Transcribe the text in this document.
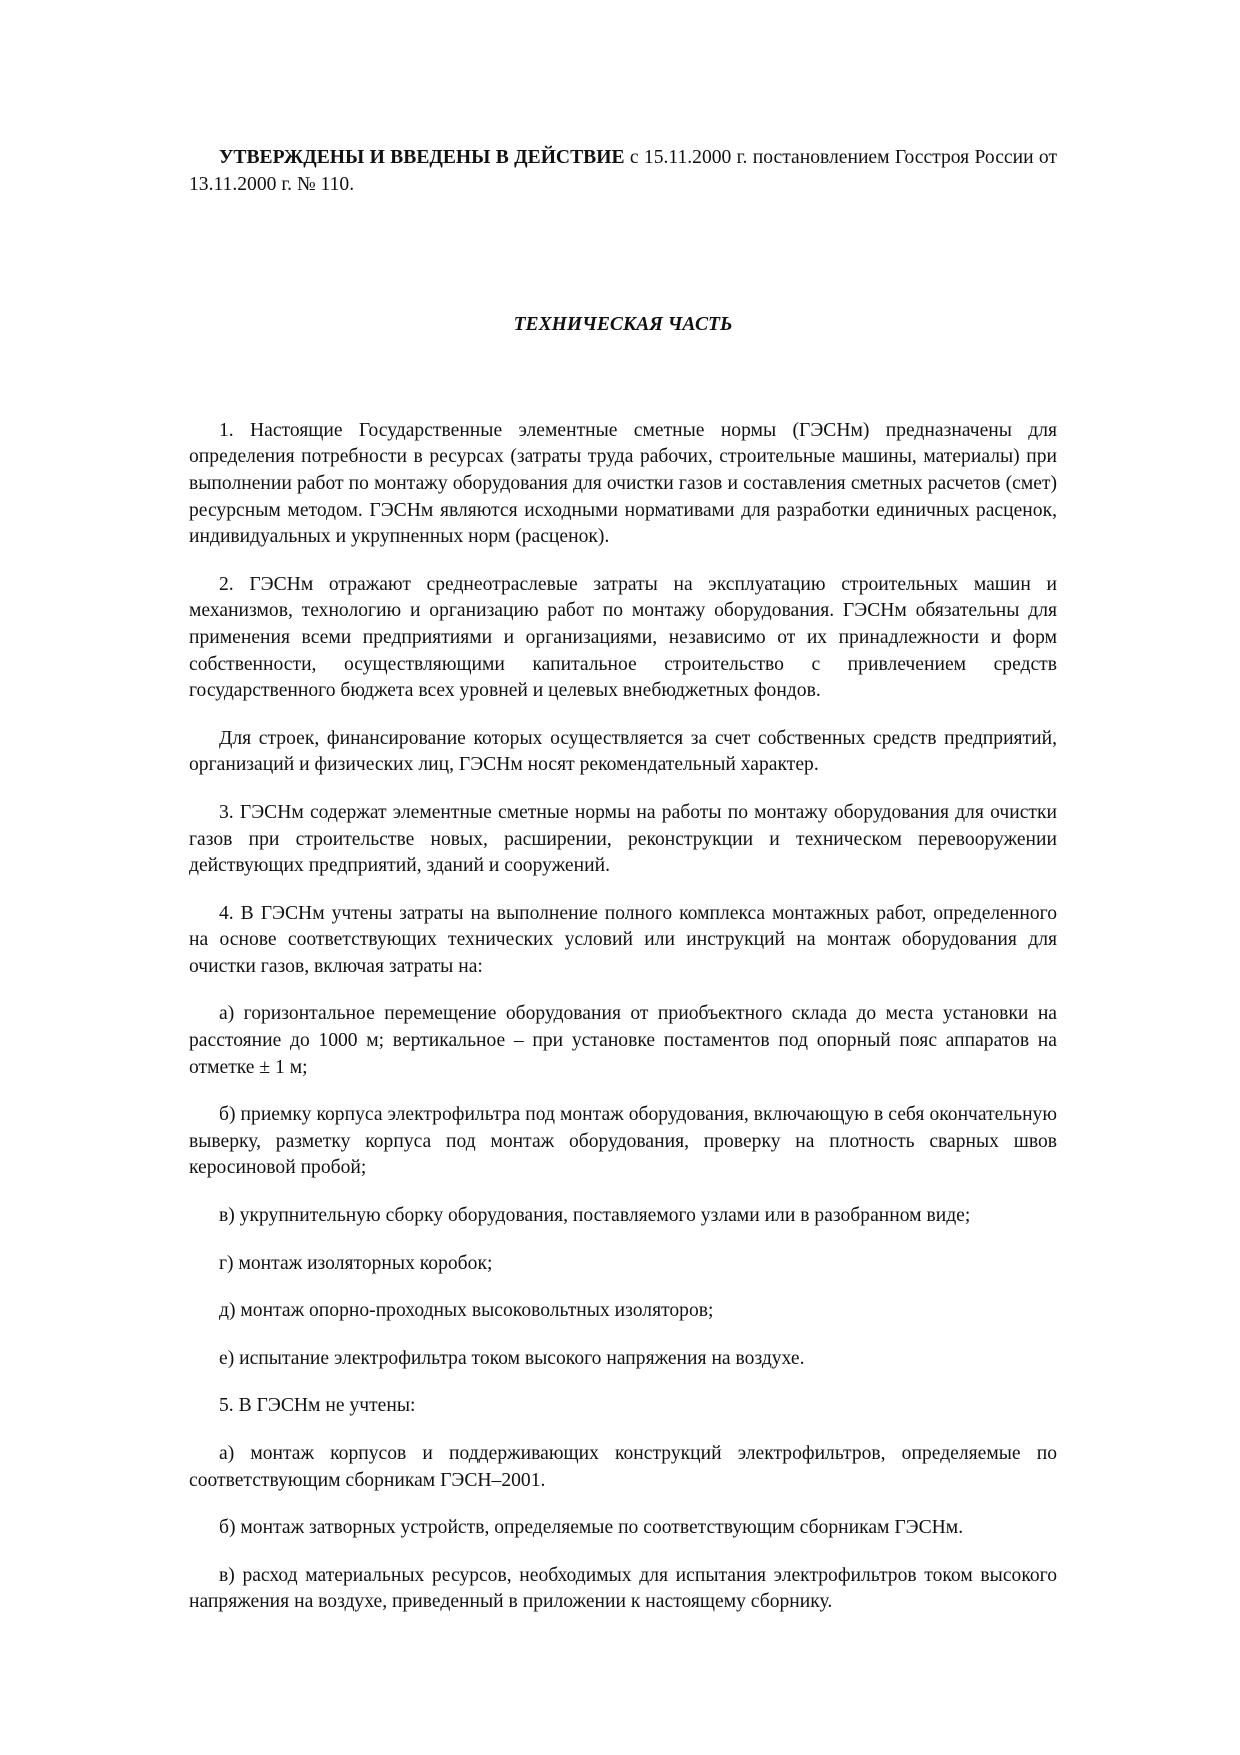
УТВЕРЖДЕНЫ И ВВЕДЕНЫ В ДЕЙСТВИЕ с 15.11.2000 г. постановлением Госстроя России от 13.11.2000 г. № 110.

ТЕХНИЧЕСКАЯ ЧАСТЬ

1. Настоящие Государственные элементные сметные нормы (ГЭСНм) предназначены для определения потребности в ресурсах (затраты труда рабочих, строительные машины, материалы) при выполнении работ по монтажу оборудования для очистки газов и составления сметных расчетов (смет) ресурсным методом. ГЭСНм являются исходными нормативами для разработки единичных расценок, индивидуальных и укрупненных норм (расценок).

2. ГЭСНм отражают среднеотраслевые затраты на эксплуатацию строительных машин и механизмов, технологию и организацию работ по монтажу оборудования. ГЭСНм обязательны для применения всеми предприятиями и организациями, независимо от их принадлежности и форм собственности, осуществляющими капитальное строительство с привлечением средств государственного бюджета всех уровней и целевых внебюджетных фондов.

Для строек, финансирование которых осуществляется за счет собственных средств предприятий, организаций и физических лиц, ГЭСНм носят рекомендательный характер.

3. ГЭСНм содержат элементные сметные нормы на работы по монтажу оборудования для очистки газов при строительстве новых, расширении, реконструкции и техническом перевооружении действующих предприятий, зданий и сооружений.

4. В ГЭСНм учтены затраты на выполнение полного комплекса монтажных работ, определенного на основе соответствующих технических условий или инструкций на монтаж оборудования для очистки газов, включая затраты на:

а) горизонтальное перемещение оборудования от приобъектного склада до места установки на расстояние до 1000 м; вертикальное – при установке постаментов под опорный пояс аппаратов на отметке ± 1 м;

б) приемку корпуса электрофильтра под монтаж оборудования, включающую в себя окончательную выверку, разметку корпуса под монтаж оборудования, проверку на плотность сварных швов керосиновой пробой;

в) укрупнительную сборку оборудования, поставляемого узлами или в разобранном виде;

г) монтаж изоляторных коробок;

д) монтаж опорно-проходных высоковольтных изоляторов;

е) испытание электрофильтра током высокого напряжения на воздухе.

5. В ГЭСНм не учтены:

а) монтаж корпусов и поддерживающих конструкций электрофильтров, определяемые по соответствующим сборникам ГЭСН–2001.

б) монтаж затворных устройств, определяемые по соответствующим сборникам ГЭСНм.

в) расход материальных ресурсов, необходимых для испытания электрофильтров током высокого напряжения на воздухе, приведенный в приложении к настоящему сборнику.
